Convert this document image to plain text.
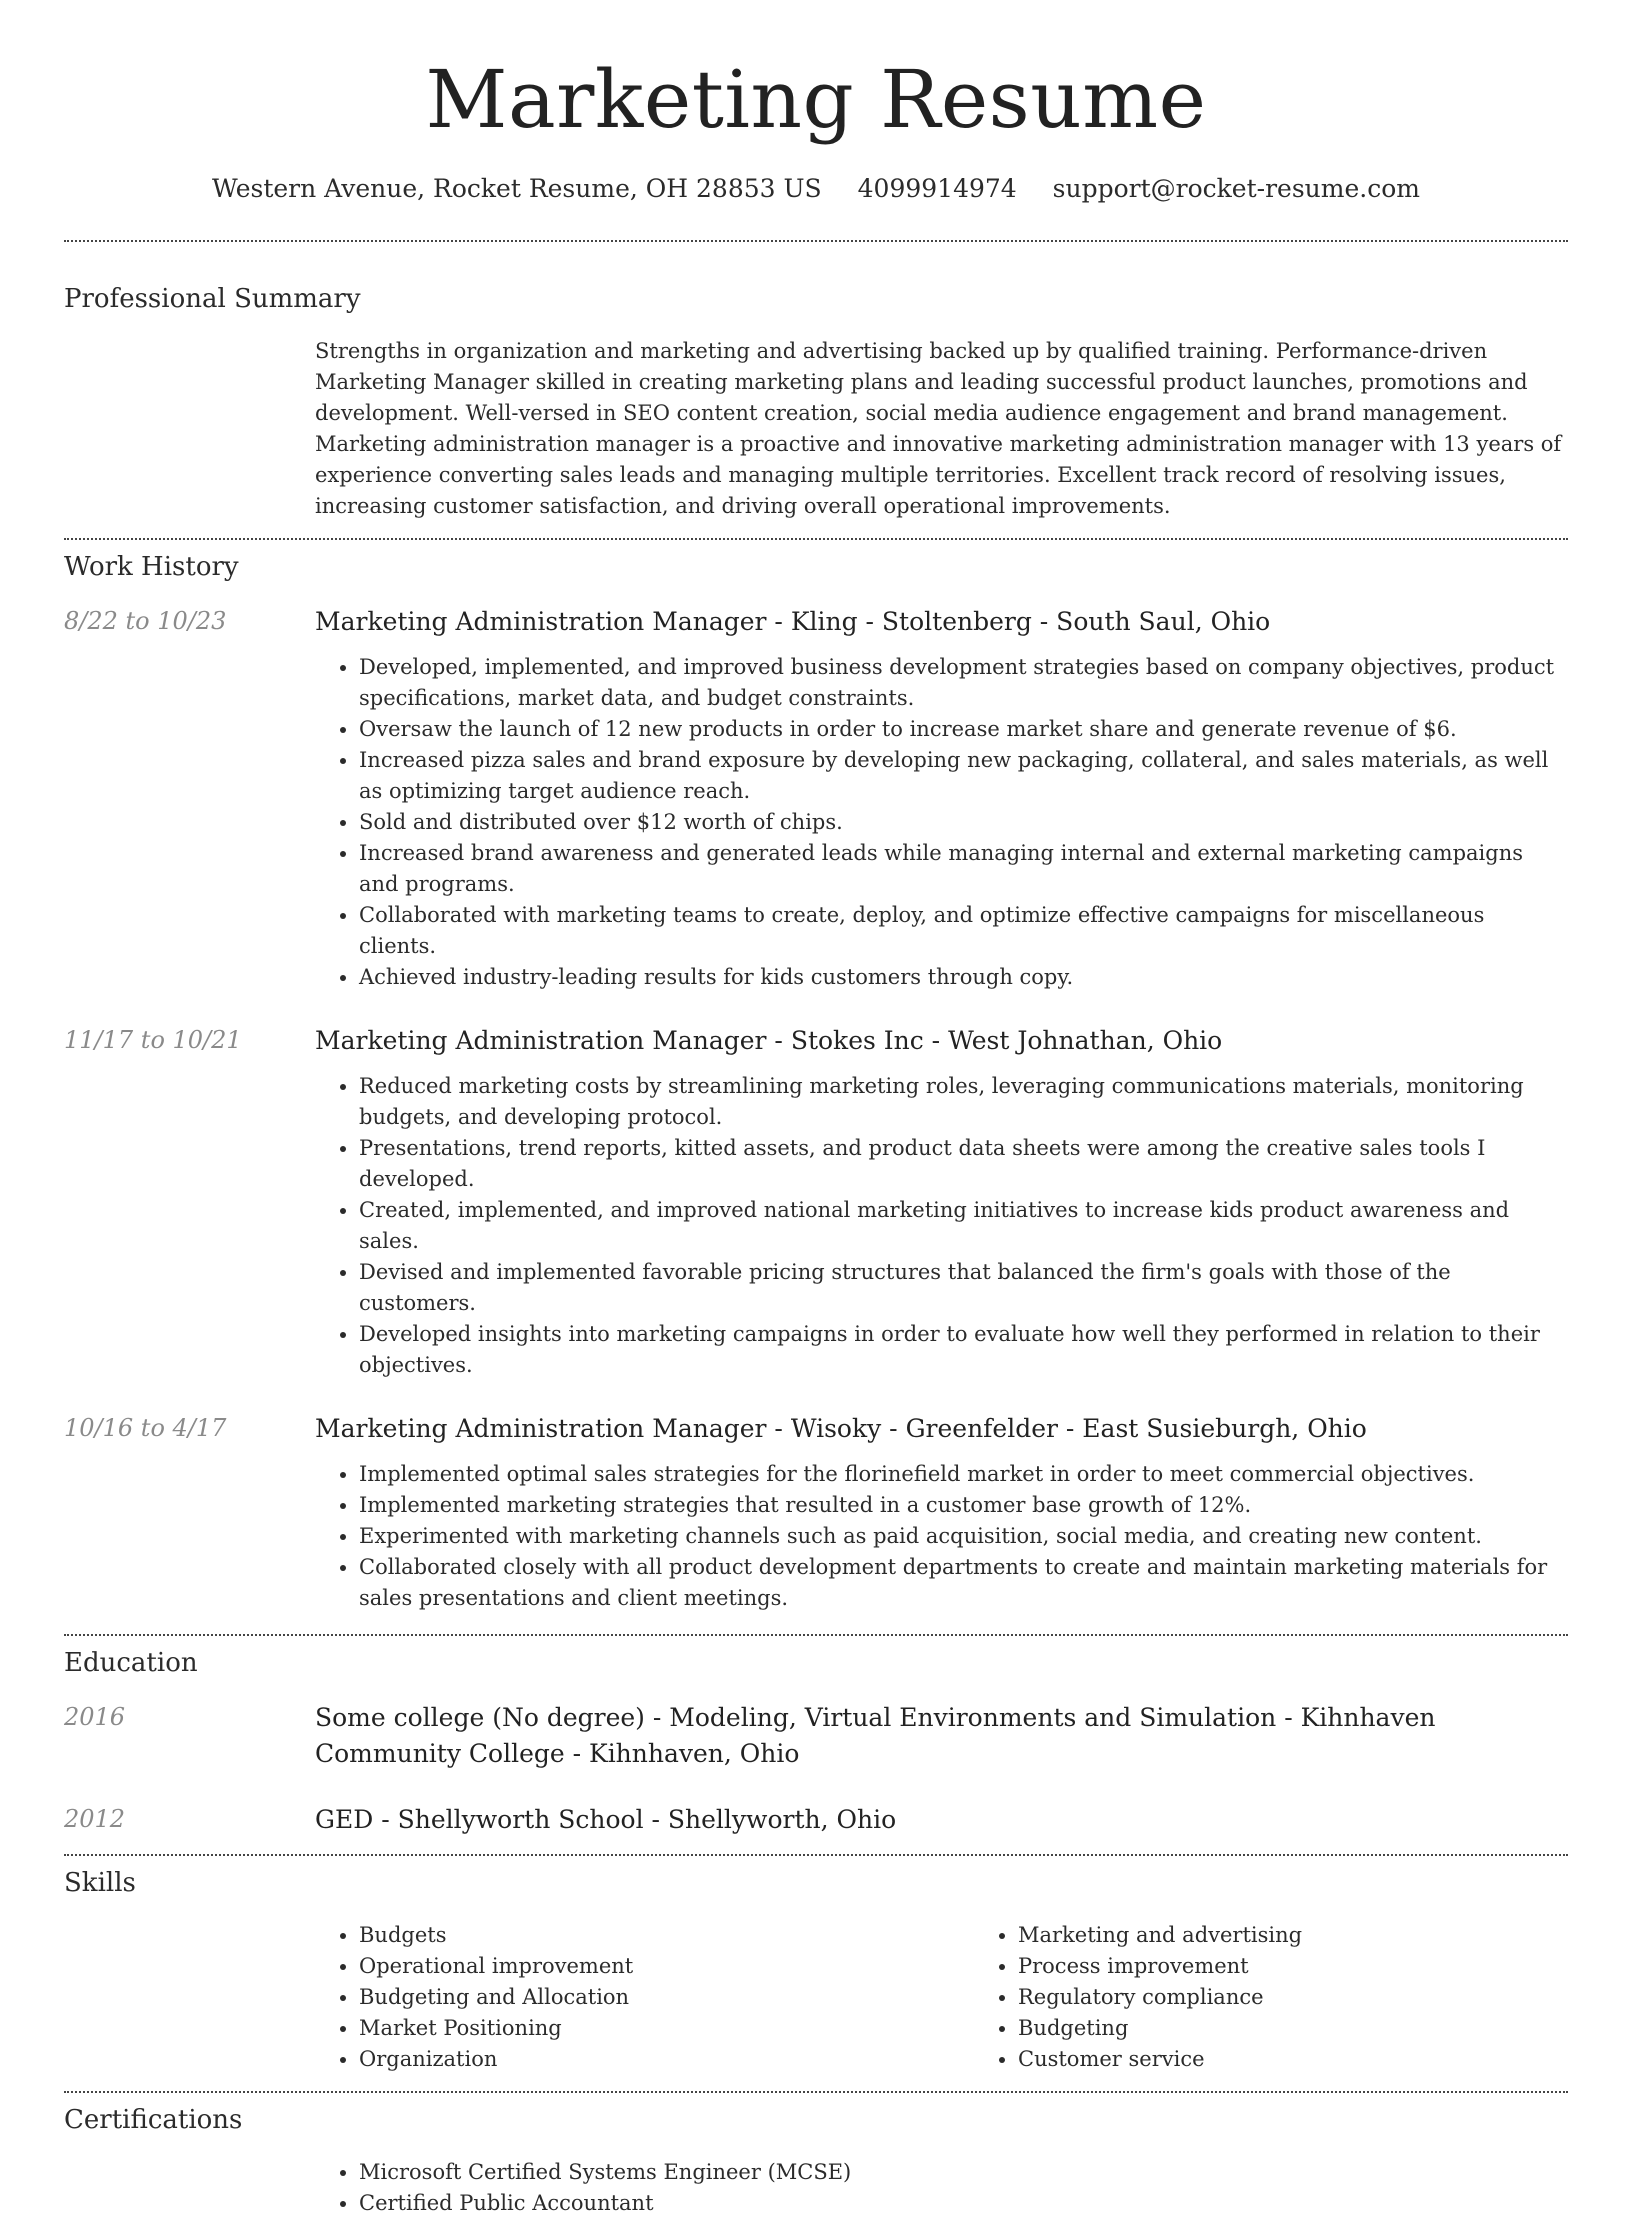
Marketing Resume
Western Avenue, Rocket Resume, OH 28853 US 4099914974 support@rocket-resume.com
Professional Summary
Strengths in organization and marketing and advertising backed up by qualified training. Performance-driven Marketing Manager skilled in creating marketing plans and leading successful product launches, promotions and development. Well-versed in SEO content creation, social media audience engagement and brand management. Marketing administration manager is a proactive and innovative marketing administration manager with 13 years of experience converting sales leads and managing multiple territories. Excellent track record of resolving issues, increasing customer satisfaction, and driving overall operational improvements.
Work History
8/22 to 10/23	Marketing Administration Manager - Kling - Stoltenberg - South Saul, Ohio
• Developed, implemented, and improved business development strategies based on company objectives, product specifications, market data, and budget constraints.
• Oversaw the launch of 12 new products in order to increase market share and generate revenue of $6.
• Increased pizza sales and brand exposure by developing new packaging, collateral, and sales materials, as well as optimizing target audience reach.
• Sold and distributed over $12 worth of chips.
• Increased brand awareness and generated leads while managing internal and external marketing campaigns and programs.
• Collaborated with marketing teams to create, deploy, and optimize effective campaigns for miscellaneous clients.
• Achieved industry-leading results for kids customers through copy.
11/17 to 10/21	Marketing Administration Manager - Stokes Inc - West Johnathan, Ohio
• Reduced marketing costs by streamlining marketing roles, leveraging communications materials, monitoring budgets, and developing protocol.
• Presentations, trend reports, kitted assets, and product data sheets were among the creative sales tools I developed.
• Created, implemented, and improved national marketing initiatives to increase kids product awareness and sales.
• Devised and implemented favorable pricing structures that balanced the firm's goals with those of the customers.
• Developed insights into marketing campaigns in order to evaluate how well they performed in relation to their objectives.
10/16 to 4/17	Marketing Administration Manager - Wisoky - Greenfelder - East Susieburgh, Ohio
• Implemented optimal sales strategies for the florinefield market in order to meet commercial objectives.
• Implemented marketing strategies that resulted in a customer base growth of 12%.
• Experimented with marketing channels such as paid acquisition, social media, and creating new content.
• Collaborated closely with all product development departments to create and maintain marketing materials for sales presentations and client meetings.
Education
2016	Some college (No degree) - Modeling, Virtual Environments and Simulation - Kihnhaven Community College - Kihnhaven, Ohio
2012	GED - Shellyworth School - Shellyworth, Ohio
Skills
• Budgets
• Operational improvement
• Budgeting and Allocation
• Market Positioning
• Organization
• Marketing and advertising
• Process improvement
• Regulatory compliance
• Budgeting
• Customer service
Certifications
• Microsoft Certified Systems Engineer (MCSE)
• Certified Public Accountant
